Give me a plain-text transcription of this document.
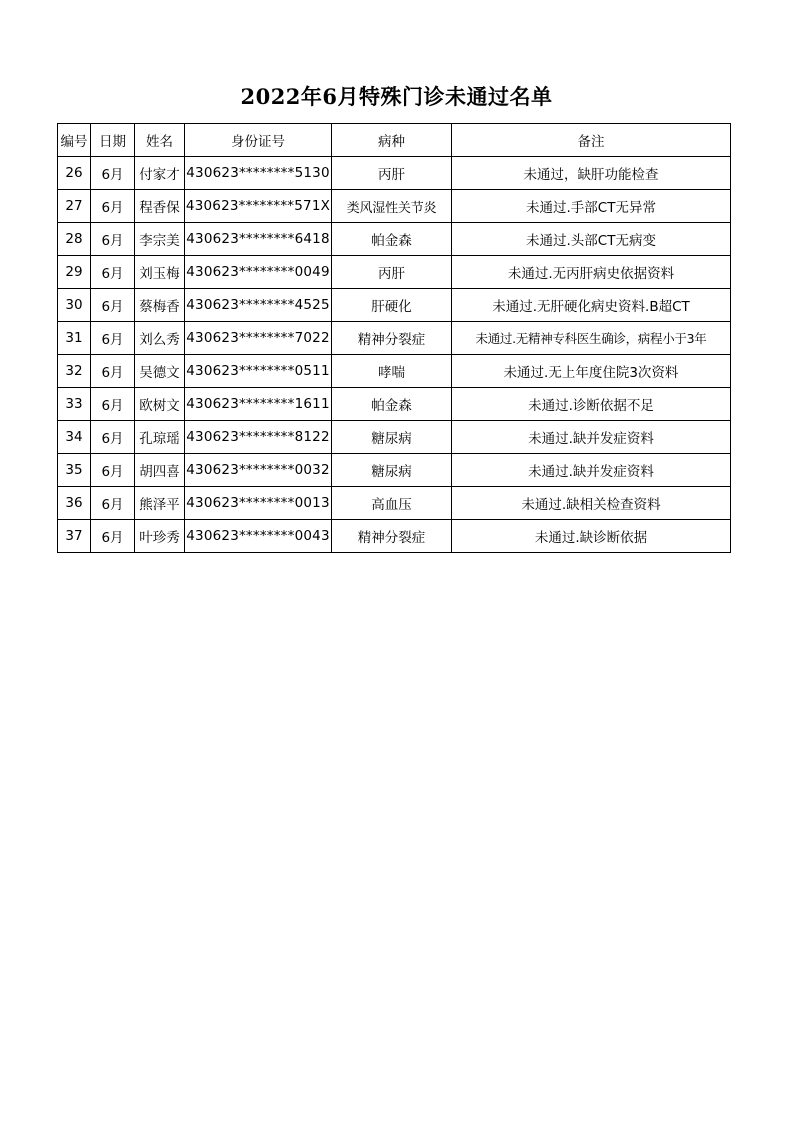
2022年6月特殊门诊未通过名单
编号	日期	姓名	身份证号	病种	备注
26	6月	付家才	430623********5130	丙肝	未通过，缺肝功能检查
27	6月	程香保	430623********571X	类风湿性关节炎	未通过.手部CT无异常
28	6月	李宗美	430623********6418	帕金森	未通过.头部CT无病变
29	6月	刘玉梅	430623********0049	丙肝	未通过.无丙肝病史依据资料
30	6月	蔡梅香	430623********4525	肝硬化	未通过.无肝硬化病史资料.B超CT
31	6月	刘么秀	430623********7022	精神分裂症	未通过.无精神专科医生确诊，病程小于3年
32	6月	吴德文	430623********0511	哮喘	未通过.无上年度住院3次资料
33	6月	欧树文	430623********1611	帕金森	未通过.诊断依据不足
34	6月	孔琼瑶	430623********8122	糖尿病	未通过.缺并发症资料
35	6月	胡四喜	430623********0032	糖尿病	未通过.缺并发症资料
36	6月	熊泽平	430623********0013	高血压	未通过.缺相关检查资料
37	6月	叶珍秀	430623********0043	精神分裂症	未通过.缺诊断依据
